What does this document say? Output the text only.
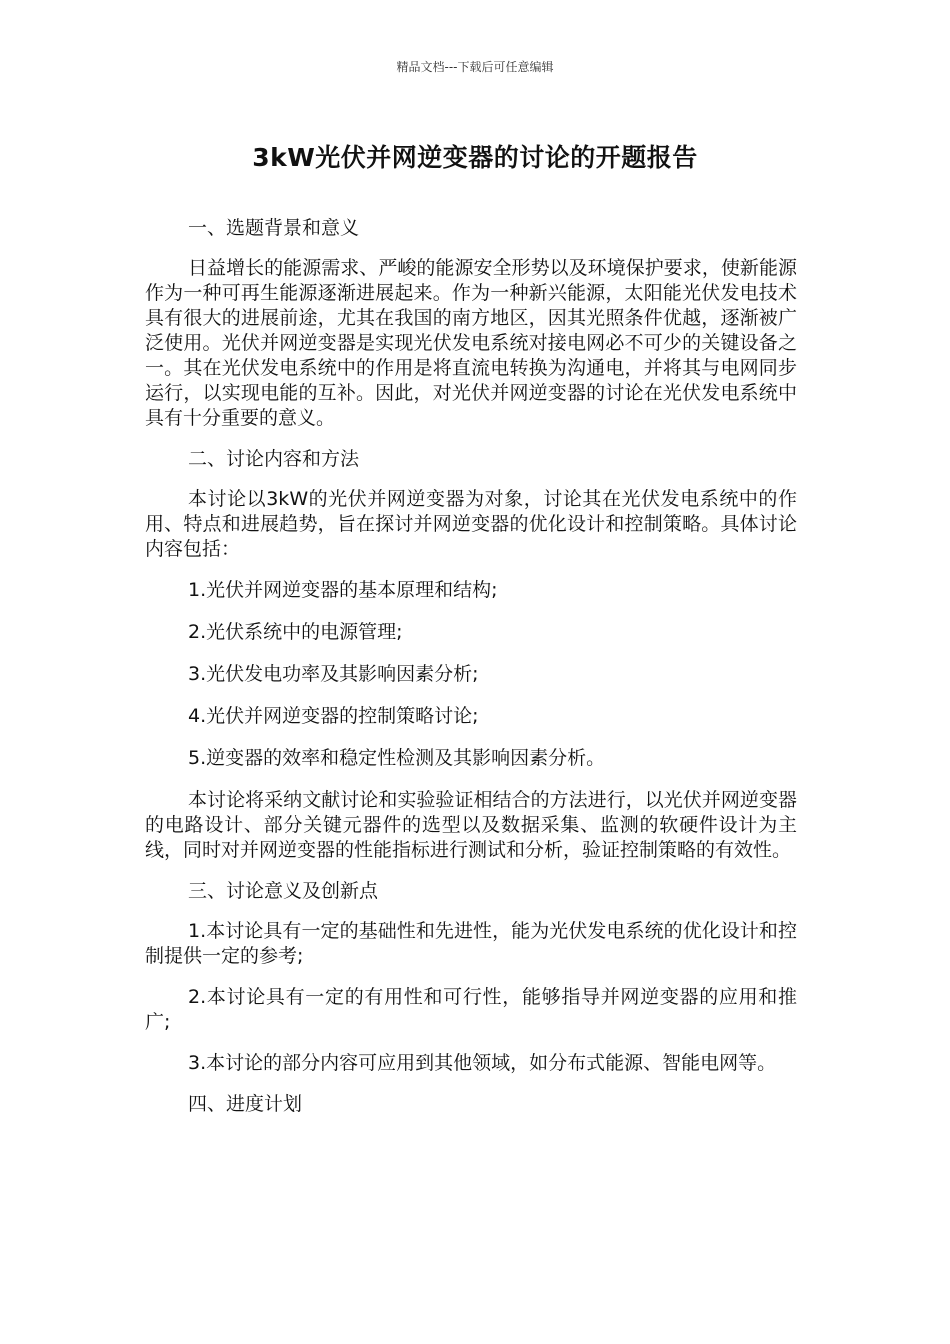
精品文档---下载后可任意编辑
3kW光伏并网逆变器的讨论的开题报告

一、选题背景和意义

日益增长的能源需求、严峻的能源安全形势以及环境保护要求，使新能源作为一种可再生能源逐渐进展起来。作为一种新兴能源，太阳能光伏发电技术具有很大的进展前途，尤其在我国的南方地区，因其光照条件优越，逐渐被广泛使用。光伏并网逆变器是实现光伏发电系统对接电网必不可少的关键设备之一。其在光伏发电系统中的作用是将直流电转换为沟通电，并将其与电网同步运行，以实现电能的互补。因此，对光伏并网逆变器的讨论在光伏发电系统中具有十分重要的意义。

二、讨论内容和方法

本讨论以3kW的光伏并网逆变器为对象，讨论其在光伏发电系统中的作用、特点和进展趋势，旨在探讨并网逆变器的优化设计和控制策略。具体讨论内容包括：

1.光伏并网逆变器的基本原理和结构;

2.光伏系统中的电源管理;

3.光伏发电功率及其影响因素分析;

4.光伏并网逆变器的控制策略讨论;

5.逆变器的效率和稳定性检测及其影响因素分析。

本讨论将采纳文献讨论和实验验证相结合的方法进行，以光伏并网逆变器的电路设计、部分关键元器件的选型以及数据采集、监测的软硬件设计为主线，同时对并网逆变器的性能指标进行测试和分析，验证控制策略的有效性。

三、讨论意义及创新点

1.本讨论具有一定的基础性和先进性，能为光伏发电系统的优化设计和控制提供一定的参考;

2.本讨论具有一定的有用性和可行性，能够指导并网逆变器的应用和推广;

3.本讨论的部分内容可应用到其他领域，如分布式能源、智能电网等。

四、进度计划
